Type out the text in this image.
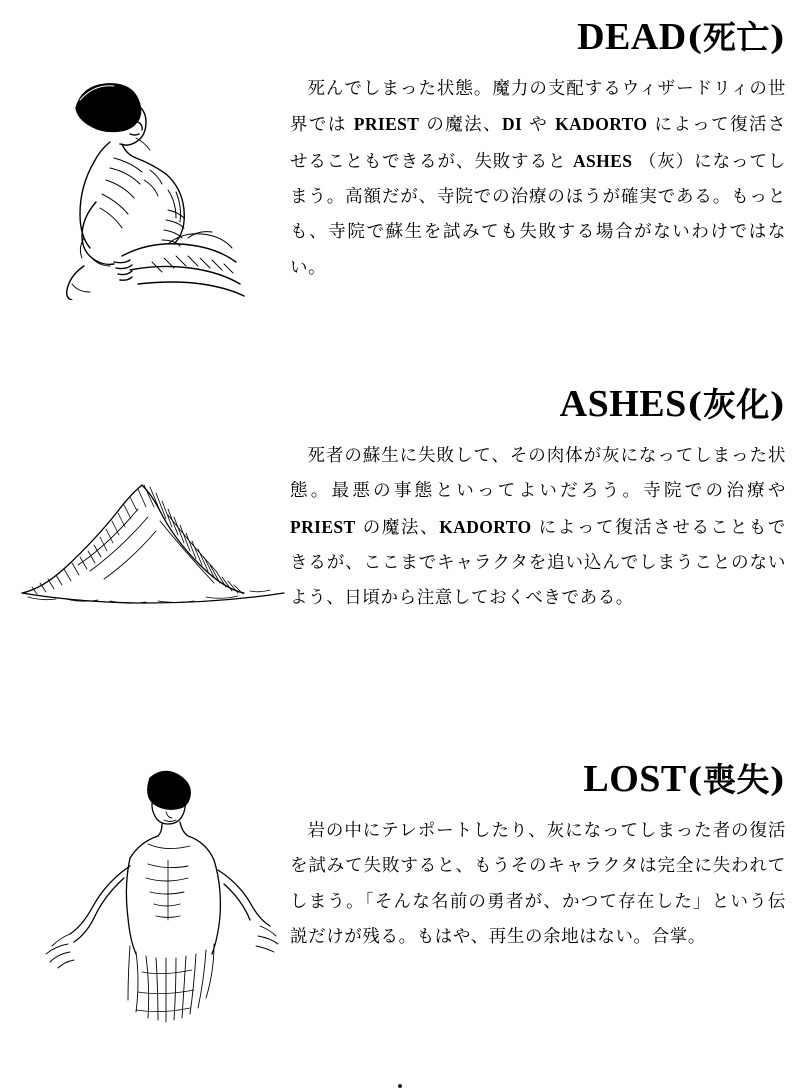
DEAD(死亡)

死んでしまった状態。魔力の支配するウィザードリィの世界では PRIEST の魔法、DI や KADORTO によって復活させることもできるが、失敗すると ASHES （灰）になってしまう。高額だが、寺院での治療のほうが確実である。もっとも、寺院で蘇生を試みても失敗する場合がないわけではない。

ASHES(灰化)

死者の蘇生に失敗して、その肉体が灰になってしまった状態。最悪の事態といってよいだろう。寺院での治療や PRIEST の魔法、KADORTO によって復活させることもできるが、ここまでキャラクタを追い込んでしまうことのないよう、日頃から注意しておくべきである。

LOST(喪失)

岩の中にテレポートしたり、灰になってしまった者の復活を試みて失敗すると、もうそのキャラクタは完全に失われてしまう。「そんな名前の勇者が、かつて存在した」という伝説だけが残る。もはや、再生の余地はない。合掌。
